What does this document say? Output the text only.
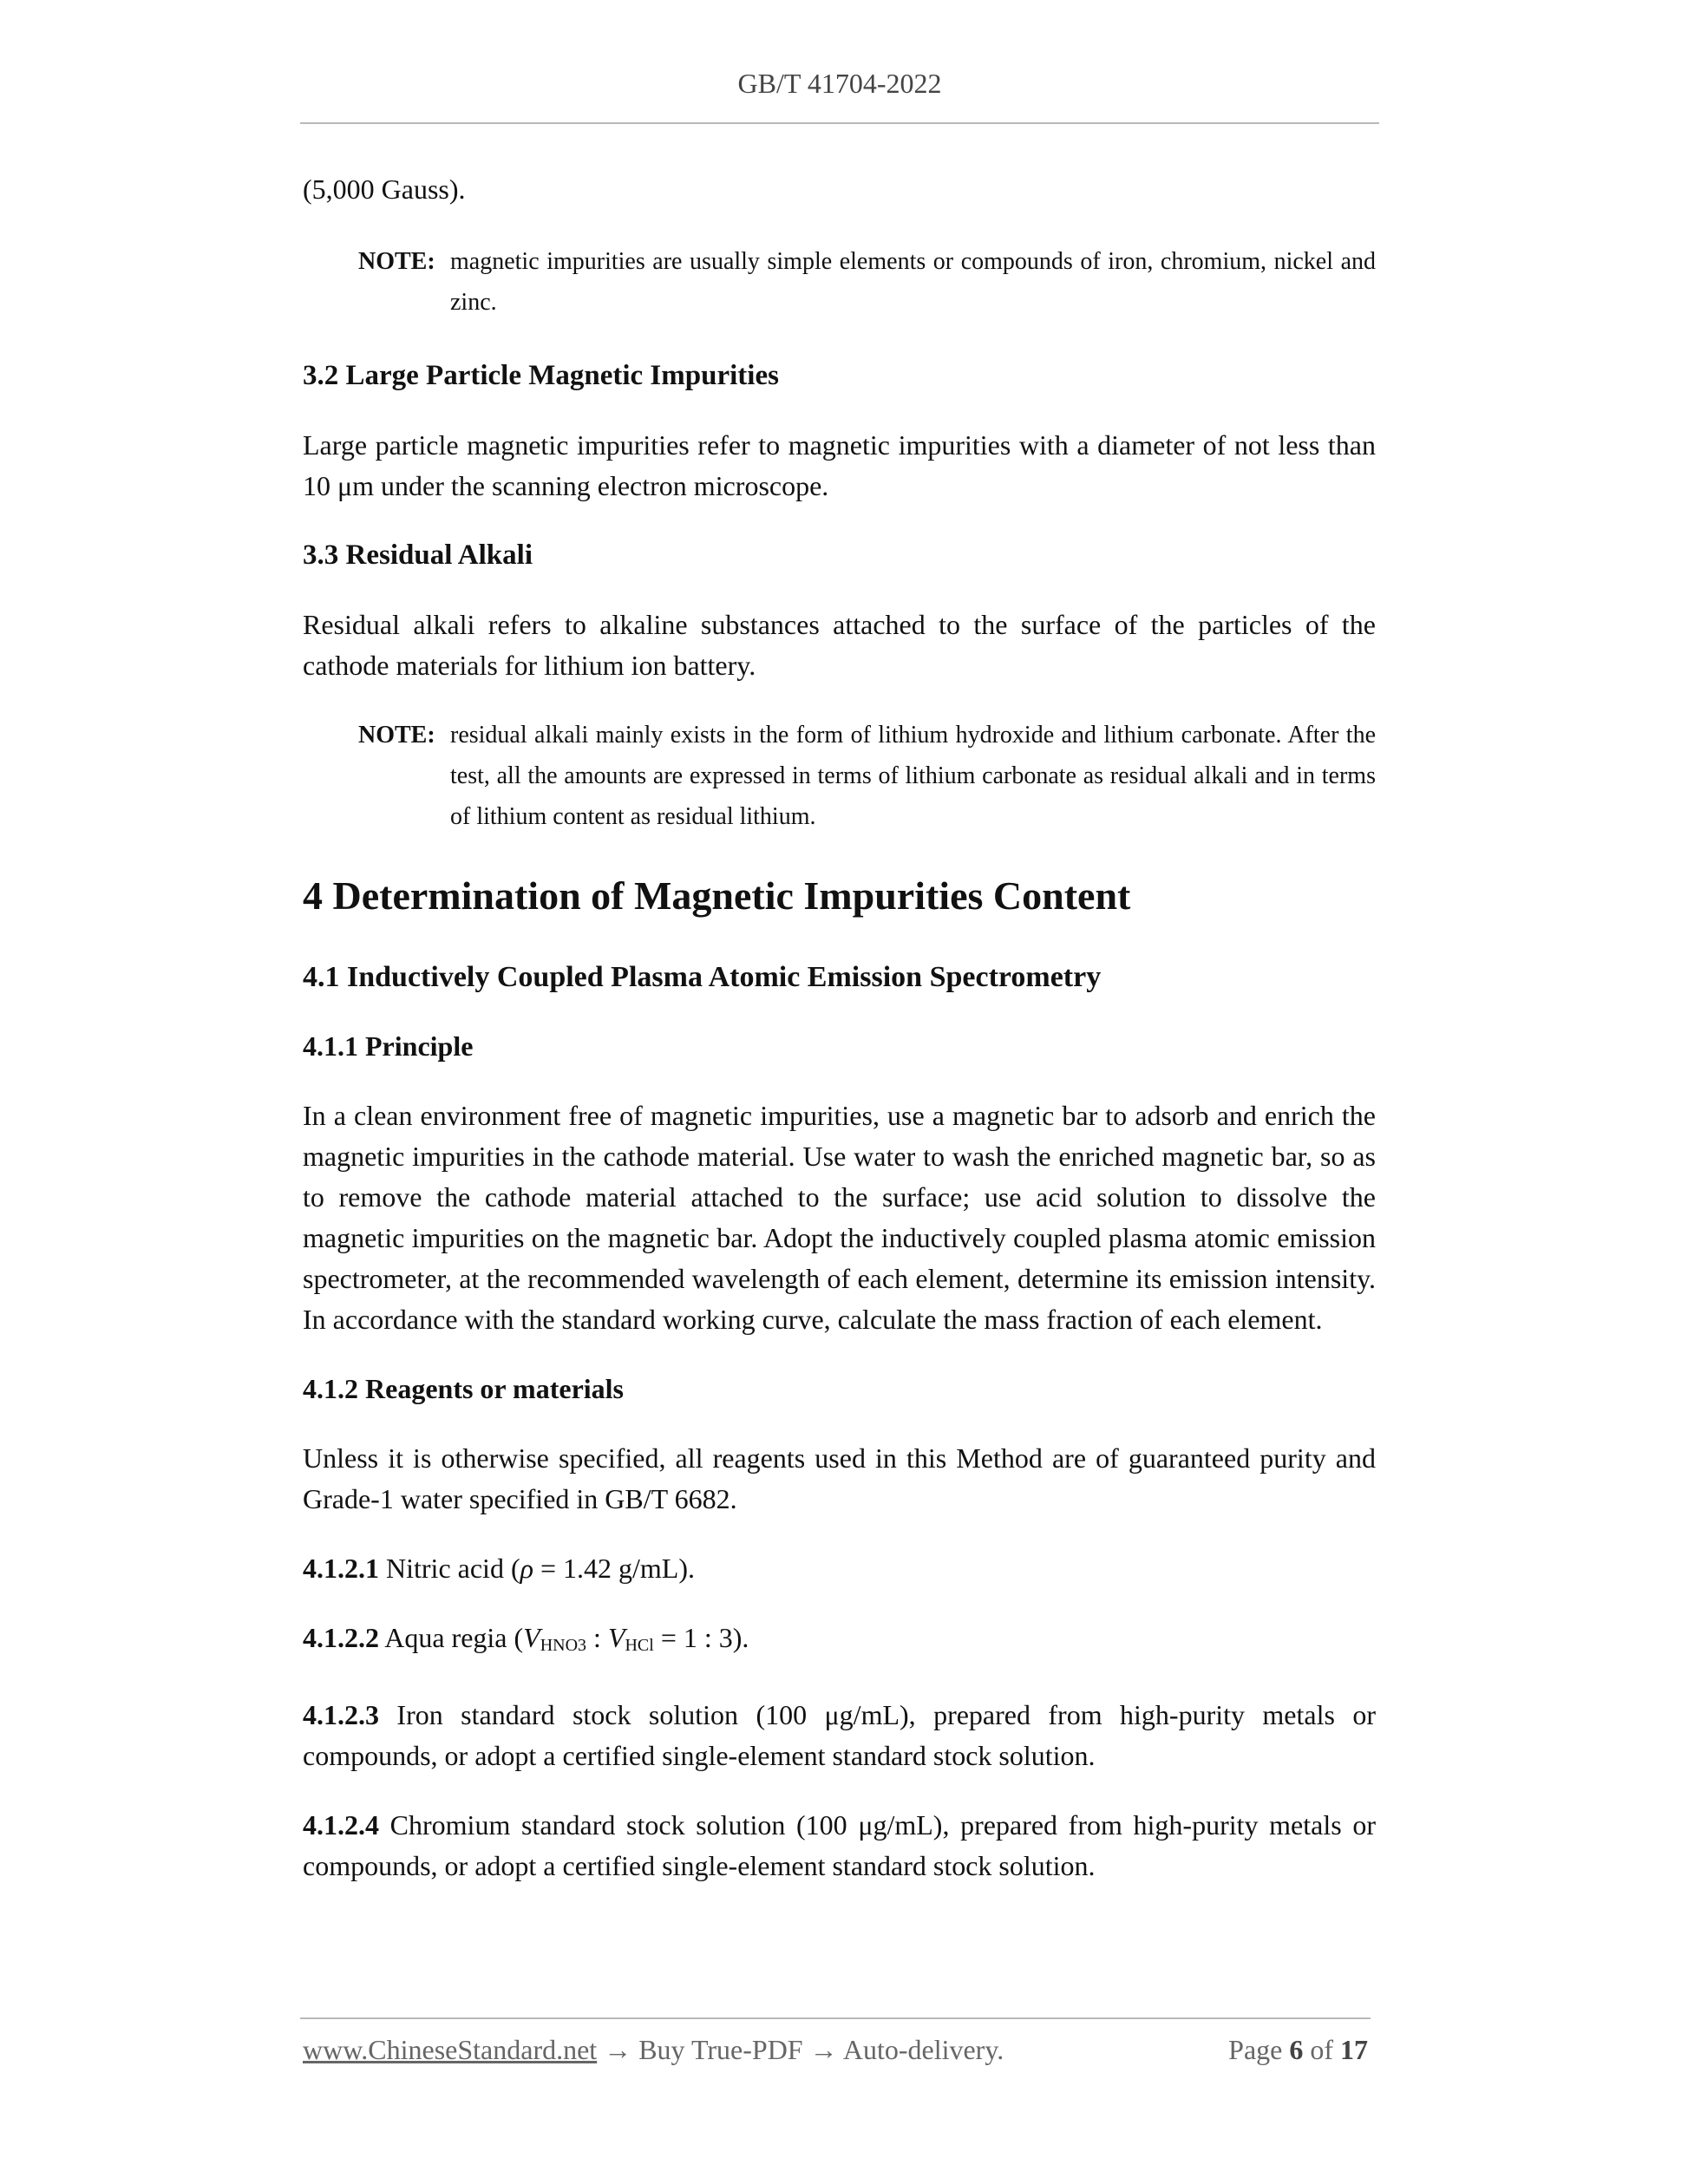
GB/T 41704-2022

(5,000 Gauss).

NOTE: magnetic impurities are usually simple elements or compounds of iron, chromium, nickel and zinc.

3.2 Large Particle Magnetic Impurities

Large particle magnetic impurities refer to magnetic impurities with a diameter of not less than 10 μm under the scanning electron microscope.

3.3 Residual Alkali

Residual alkali refers to alkaline substances attached to the surface of the particles of the cathode materials for lithium ion battery.

NOTE: residual alkali mainly exists in the form of lithium hydroxide and lithium carbonate. After the test, all the amounts are expressed in terms of lithium carbonate as residual alkali and in terms of lithium content as residual lithium.

4 Determination of Magnetic Impurities Content

4.1 Inductively Coupled Plasma Atomic Emission Spectrometry

4.1.1 Principle

In a clean environment free of magnetic impurities, use a magnetic bar to adsorb and enrich the magnetic impurities in the cathode material. Use water to wash the enriched magnetic bar, so as to remove the cathode material attached to the surface; use acid solution to dissolve the magnetic impurities on the magnetic bar. Adopt the inductively coupled plasma atomic emission spectrometer, at the recommended wavelength of each element, determine its emission intensity. In accordance with the standard working curve, calculate the mass fraction of each element.

4.1.2 Reagents or materials

Unless it is otherwise specified, all reagents used in this Method are of guaranteed purity and Grade-1 water specified in GB/T 6682.

4.1.2.1 Nitric acid (ρ = 1.42 g/mL).

4.1.2.2 Aqua regia ($V_{HNO3}$ : $V_{HCl} = 1$ : 3).

4.1.2.3 Iron standard stock solution (100 μg/mL), prepared from high-purity metals or compounds, or adopt a certified single-element standard stock solution.

4.1.2.4 Chromium standard stock solution (100 μg/mL), prepared from high-purity metals or compounds, or adopt a certified single-element standard stock solution.

www.ChineseStandard.net → Buy True-PDF → Auto-delivery.	Page 6 of 17
